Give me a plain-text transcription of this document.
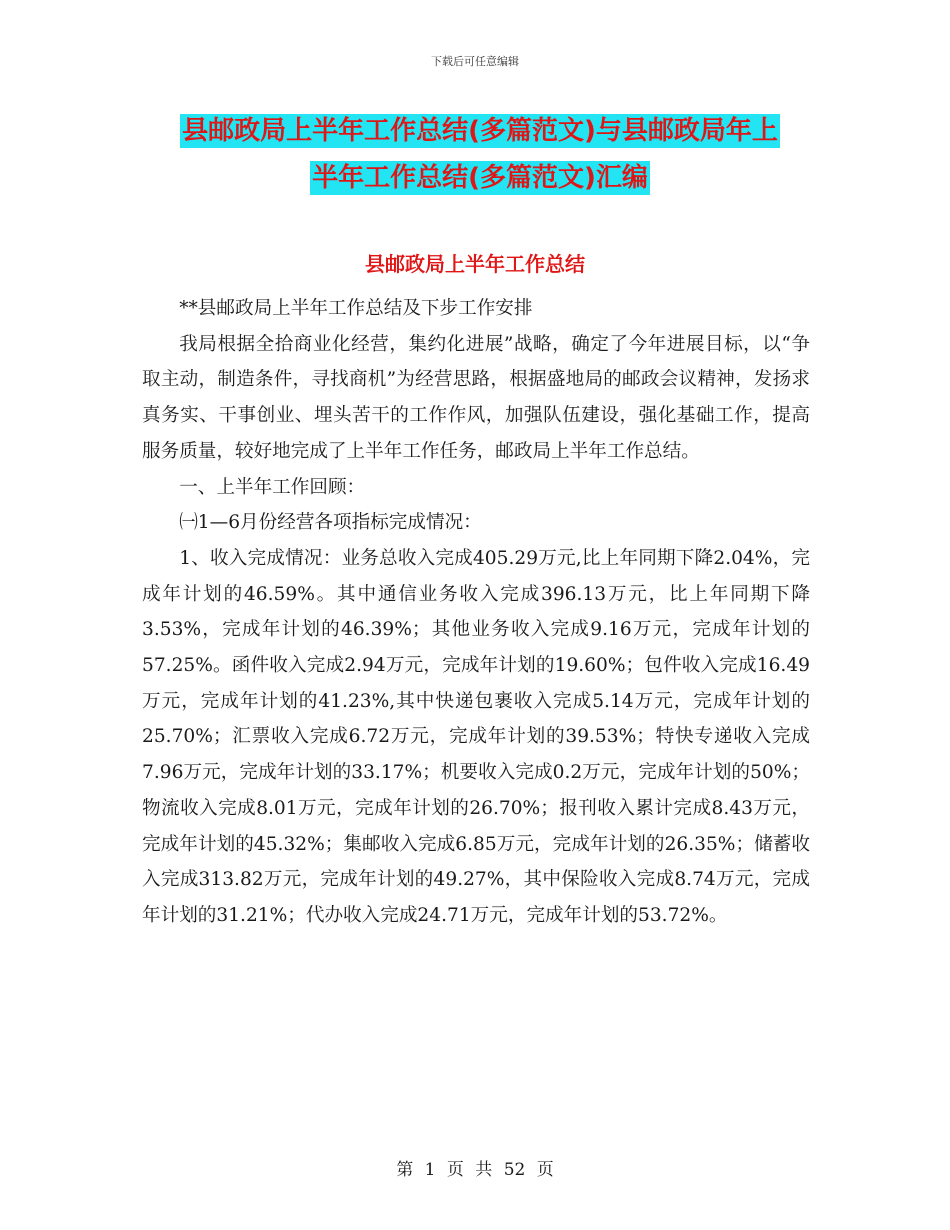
下载后可任意编辑
县邮政局上半年工作总结(多篇范文)与县邮政局年上
半年工作总结(多篇范文)汇编
县邮政局上半年工作总结

**县邮政局上半年工作总结及下步工作安排

我局根据全拾商业化经营，集约化进展”战略，确定了今年进展目标，以“争取主动，制造条件，寻找商机”为经营思路，根据盛地局的邮政会议精神，发扬求真务实、干事创业、埋头苦干的工作作风，加强队伍建设，强化基础工作，提高服务质量，较好地完成了上半年工作任务，邮政局上半年工作总结。

一、上半年工作回顾：

㈠1—6月份经营各项指标完成情况：

1、收入完成情况：业务总收入完成405.29万元,比上年同期下降2.04%，完成年计划的46.59%。其中通信业务收入完成396.13万元，比上年同期下降3.53%，完成年计划的46.39%；其他业务收入完成9.16万元，完成年计划的57.25%。函件收入完成2.94万元，完成年计划的19.60%；包件收入完成16.49万元，完成年计划的41.23%,其中快递包裹收入完成5.14万元，完成年计划的25.70%；汇票收入完成6.72万元，完成年计划的39.53%；特快专递收入完成7.96万元，完成年计划的33.17%；机要收入完成0.2万元，完成年计划的50%；物流收入完成8.01万元，完成年计划的26.70%；报刊收入累计完成8.43万元，完成年计划的45.32%；集邮收入完成6.85万元，完成年计划的26.35%；储蓄收入完成313.82万元，完成年计划的49.27%，其中保险收入完成8.74万元，完成年计划的31.21%；代办收入完成24.71万元，完成年计划的53.72%。

第 1 页 共 52 页
